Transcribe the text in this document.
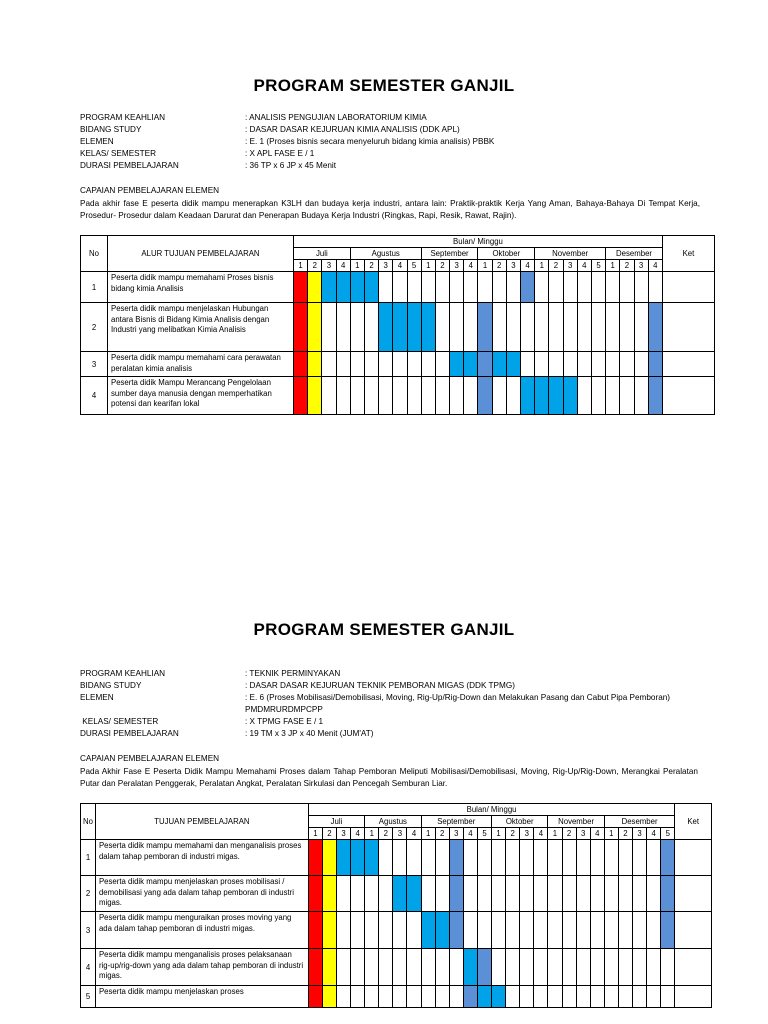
PROGRAM SEMESTER GANJIL
PROGRAM KEAHLIAN	: ANALISIS PENGUJIAN LABORATORIUM KIMIA
BIDANG STUDY	: DASAR DASAR KEJURUAN KIMIA ANALISIS (DDK APL)
ELEMEN	: E. 1 (Proses bisnis secara menyeluruh bidang kimia analisis) PBBK
KELAS/ SEMESTER	: X APL FASE E / 1
DURASI PEMBELAJARAN	: 36 TP x 6 JP x 45 Menit
CAPAIAN PEMBELAJARAN ELEMEN
Pada akhir fase E peserta didik mampu menerapkan K3LH dan budaya kerja industri, antara lain: Praktik-praktik Kerja Yang Aman, Bahaya-Bahaya Di Tempat Kerja, Prosedur- Prosedur dalam Keadaan Darurat dan Penerapan Budaya Kerja Industri (Ringkas, Rapi, Resik, Rawat, Rajin).
No	ALUR TUJUAN PEMBELAJARAN	Bulan/ Minggu																										Ket
		Juli				Agustus					September				Oktober				November					Desember				
		1	2	3	4	1	2	3	4	5	1	2	3	4	1	2	3	4	1	2	3	4	5	1	2	3	4	
1	Peserta didik mampu memahami Proses bisnis bidang kimia Analisis																											
2	Peserta didik mampu menjelaskan Hubungan antara Bisnis di Bidang Kimia Analisis dengan Industri yang melibatkan Kimia Analisis																											
3	Peserta didik mampu memahami cara perawatan peralatan kimia analisis																											
4	Peserta didik Mampu Merancang Pengelolaan sumber daya manusia dengan memperhatikan potensi dan kearifan lokal																											
PROGRAM SEMESTER GANJIL
PROGRAM KEAHLIAN	: TEKNIK PERMINYAKAN
BIDANG STUDY	: DASAR DASAR KEJURUAN TEKNIK PEMBORAN MIGAS (DDK TPMG)
ELEMEN	: E. 6 (Proses Mobilisasi/Demobilisasi, Moving, Rig-Up/Rig-Down dan Melakukan Pasang dan Cabut Pipa Pemboran) PMDMRURDMPCPP
KELAS/ SEMESTER	: X TPMG FASE E / 1
DURASI PEMBELAJARAN	: 19 TM x 3 JP x 40 Menit (JUM'AT)
CAPAIAN PEMBELAJARAN ELEMEN
Pada Akhir Fase E Peserta Didik Mampu Memahami Proses dalam Tahap Pemboran Meliputi Mobilisasi/Demobilisasi, Moving, Rig-Up/Rig-Down, Merangkai Peralatan Putar dan Peralatan Penggerak, Peralatan Angkat, Peralatan Sirkulasi dan Pencegah Semburan Liar.
No	TUJUAN PEMBELAJARAN	Bulan/ Minggu																										Ket
		Juli				Agustus				September					Oktober				November				Desember					
		1	2	3	4	1	2	3	4	1	2	3	4	5	1	2	3	4	1	2	3	4	1	2	3	4	5	
1	Peserta didik mampu memahami dan menganalisis proses dalam tahap pemboran di industri migas.																											
2	Peserta didik mampu menjelaskan proses mobilisasi / demobilisasi yang ada dalam tahap pemboran di industri migas.																											
3	Peserta didik mampu menguraikan proses moving yang ada dalam tahap pemboran di industri migas.																											
4	Peserta didik mampu menganalisis proses pelaksanaan rig-up/rig-down yang ada dalam tahap pemboran di industri migas.																											
5	Peserta didik mampu menjelaskan proses																											
